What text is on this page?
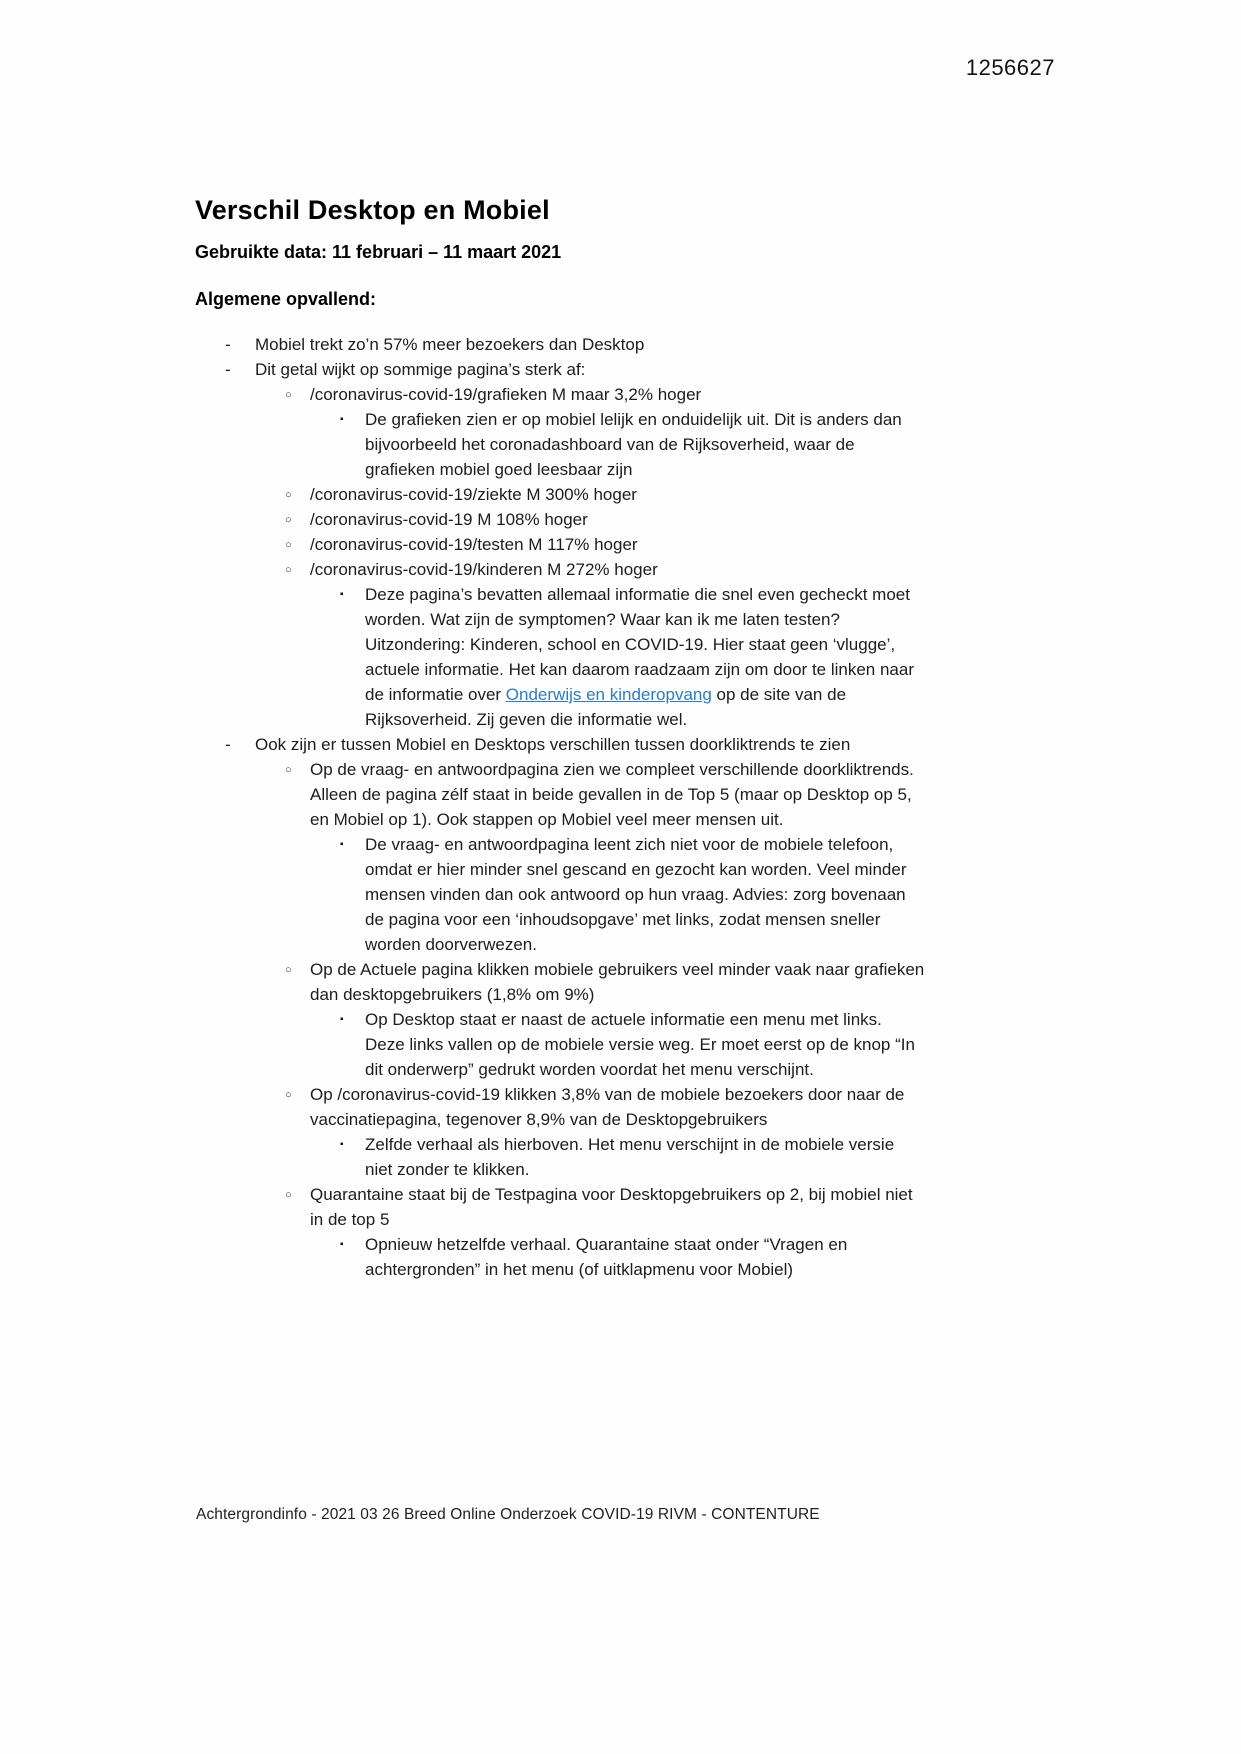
1256627
Verschil Desktop en Mobiel
Gebruikte data: 11 februari – 11 maart 2021
Algemene opvallend:
-	Mobiel trekt zo’n 57% meer bezoekers dan Desktop
-	Dit getal wijkt op sommige pagina’s sterk af:
○	/coronavirus-covid-19/grafieken M maar 3,2% hoger
▪	De grafieken zien er op mobiel lelijk en onduidelijk uit. Dit is anders dan bijvoorbeeld het coronadashboard van de Rijksoverheid, waar de grafieken mobiel goed leesbaar zijn
○	/coronavirus-covid-19/ziekte M 300% hoger
○	/coronavirus-covid-19 M 108% hoger
○	/coronavirus-covid-19/testen M 117% hoger
○	/coronavirus-covid-19/kinderen M 272% hoger
▪	Deze pagina’s bevatten allemaal informatie die snel even gecheckt moet worden. Wat zijn de symptomen? Waar kan ik me laten testen? Uitzondering: Kinderen, school en COVID-19. Hier staat geen ‘vlugge’, actuele informatie. Het kan daarom raadzaam zijn om door te linken naar de informatie over Onderwijs en kinderopvang op de site van de Rijksoverheid. Zij geven die informatie wel.
-	Ook zijn er tussen Mobiel en Desktops verschillen tussen doorkliktrends te zien
○	Op de vraag- en antwoordpagina zien we compleet verschillende doorkliktrends. Alleen de pagina zélf staat in beide gevallen in de Top 5 (maar op Desktop op 5, en Mobiel op 1). Ook stappen op Mobiel veel meer mensen uit.
▪	De vraag- en antwoordpagina leent zich niet voor de mobiele telefoon, omdat er hier minder snel gescand en gezocht kan worden. Veel minder mensen vinden dan ook antwoord op hun vraag. Advies: zorg bovenaan de pagina voor een ‘inhoudsopgave’ met links, zodat mensen sneller worden doorverwezen.
○	Op de Actuele pagina klikken mobiele gebruikers veel minder vaak naar grafieken dan desktopgebruikers (1,8% om 9%)
▪	Op Desktop staat er naast de actuele informatie een menu met links. Deze links vallen op de mobiele versie weg. Er moet eerst op de knop “In dit onderwerp” gedrukt worden voordat het menu verschijnt.
○	Op /coronavirus-covid-19 klikken 3,8% van de mobiele bezoekers door naar de vaccinatiepagina, tegenover 8,9% van de Desktopgebruikers
▪	Zelfde verhaal als hierboven. Het menu verschijnt in de mobiele versie niet zonder te klikken.
○	Quarantaine staat bij de Testpagina voor Desktopgebruikers op 2, bij mobiel niet in de top 5
▪	Opnieuw hetzelfde verhaal. Quarantaine staat onder “Vragen en achtergronden” in het menu (of uitklapmenu voor Mobiel)
Achtergrondinfo - 2021 03 26 Breed Online Onderzoek COVID-19 RIVM - CONTENTURE
